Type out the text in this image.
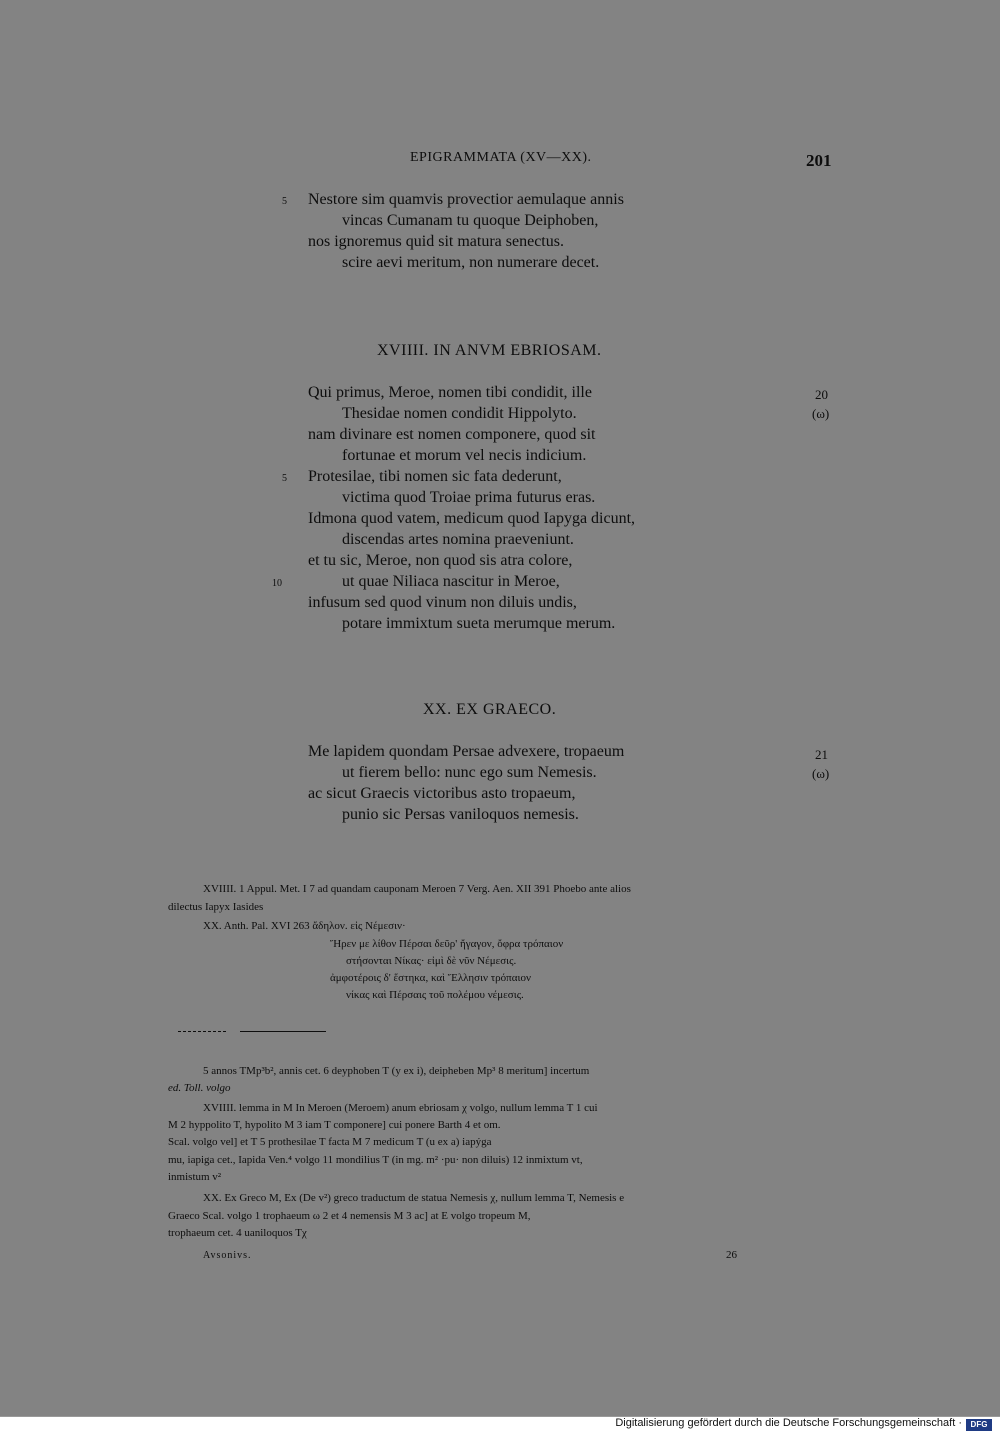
EPIGRAMMATA (XV—XX).	201
5 Nestore sim quamvis provectior aemulaque annis
vincas Cumanam tu quoque Deiphoben,
nos ignoremus quid sit matura senectus.
scire aevi meritum, non numerare decet.
XVIIII. IN ANVM EBRIOSAM.
20
(ω)
Qui primus, Meroe, nomen tibi condidit, ille
Thesidae nomen condidit Hippolyto.
nam divinare est nomen componere, quod sit
fortunae et morum vel necis indicium.
5 Protesilae, tibi nomen sic fata dederunt,
victima quod Troiae prima futurus eras.
Idmona quod vatem, medicum quod Iapyga dicunt,
discendas artes nomina praeveniunt.
et tu sic, Meroe, non quod sis atra colore,
10	ut quae Niliaca nascitur in Meroe,
infusum sed quod vinum non diluis undis,
potare immixtum sueta merumque merum.
XX. EX GRAECO.
21
(ω)
Me lapidem quondam Persae advexere, tropaeum
ut fierem bello: nunc ego sum Nemesis.
ac sicut Graecis victoribus asto tropaeum,
punio sic Persas vaniloquos nemesis.
XVIIII. 1 Appul. Met. I 7 ad quandam cauponam Meroen 7 Verg. Aen. XII 391 Phoebo ante alios
dilectus Iapyx Iasides
XX. Anth. Pal. XVI 263 ἄδηλον. εἰς Νέμεσιν·
Ἤρεν με λίθον Πέρσαι δεῦρ' ἤγαγον, ὄφρα τρόπαιον
στήσονται Νίκας· εἰμὶ δὲ νῦν Νέμεσις.
ἀμφοτέροις δ' ἕστηκα, καὶ Ἕλλησιν τρόπαιον
νίκας καὶ Πέρσαις τοῦ πολέμου νέμεσις.
5 annos TMp³b², annis cet. 6 deyphoben T (y ex i), deipheben Mp³ 8 meritum] incertum
ed. Toll. volgo
XVIIII. lemma in M In Meroen (Meroem) anum ebriosam χ volgo, nullum lemma T 1 cui
M 2 hyppolito T, hypolito M 3 iam T componere] cui ponere Barth 4 et om.
Scal. volgo vel] et T 5 prothesilae T facta M 7 medicum T (u ex a) iapýga
mu, iapiga cet., Iapida Ven.⁴ volgo 11 mondilius T (in mg. m² ·pu· non diluis) 12 inmixtum vt,
inmistum v²
XX. Ex Greco M, Ex (De v²) greco traductum de statua Nemesis χ, nullum lemma T, Nemesis e
Graeco Scal. volgo 1 trophaeum ω 2 et 4 nemensis M 3 ac] at E volgo tropeum M,
trophaeum cet. 4 uaniloquos Tχ
Avsonivs.	26
Digitalisierung gefördert durch die Deutsche Forschungsgemeinschaft ·	DFG
